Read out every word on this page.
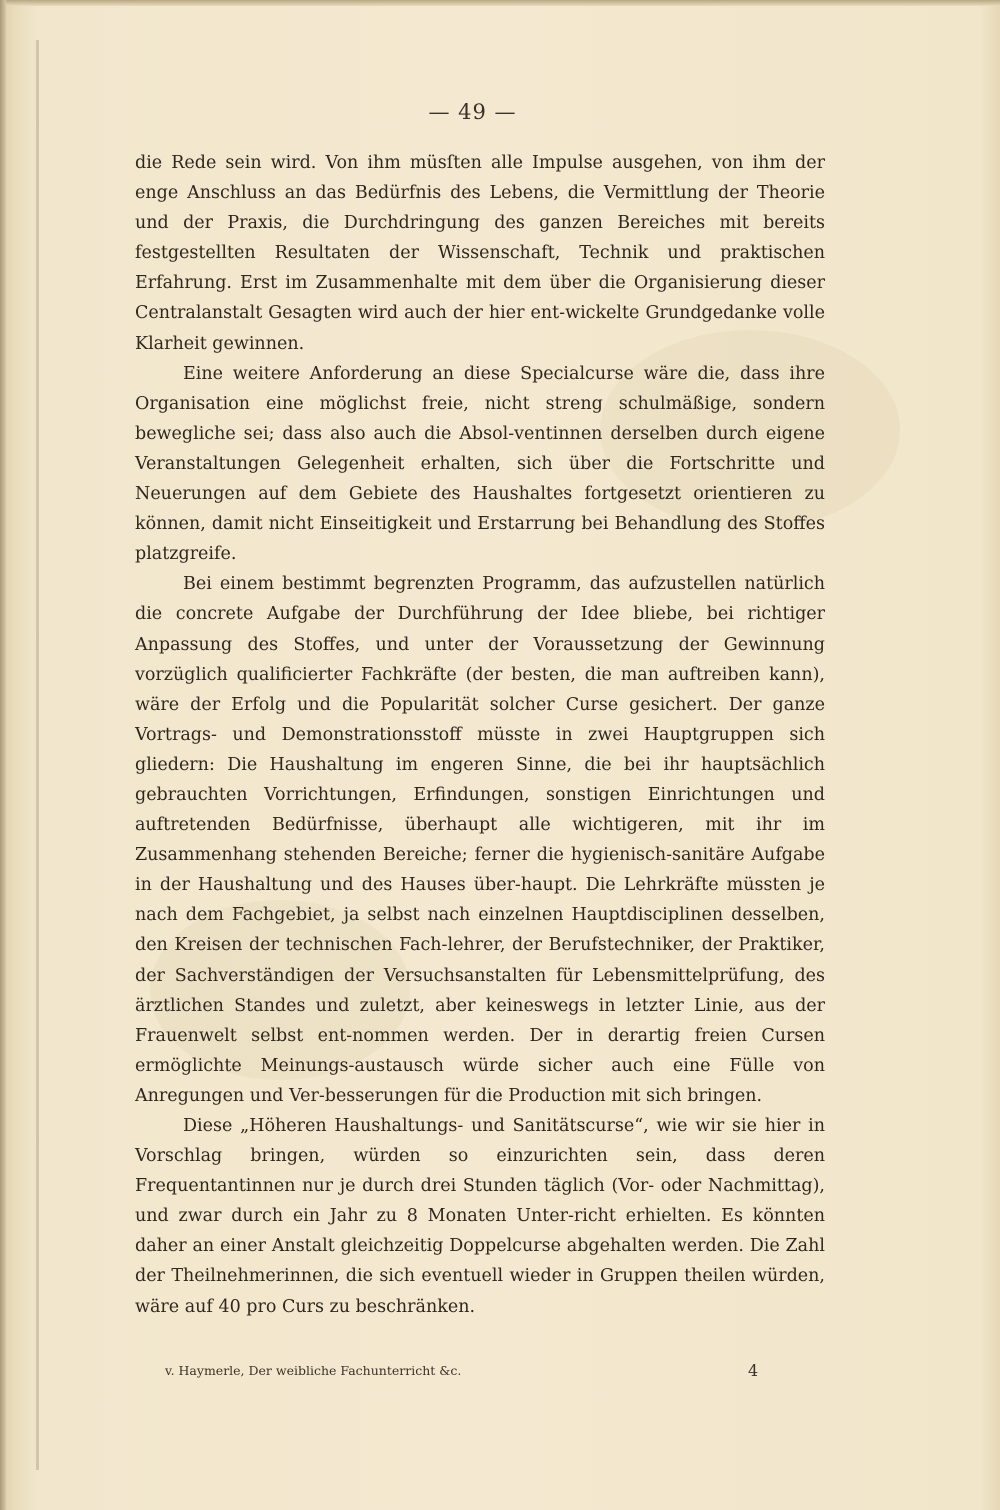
— 49 —

die Rede sein wird. Von ihm müsſten alle Impulse ausgehen, von ihm der enge Anschluss an das Bedürfnis des Lebens, die Vermittlung der Theorie und der Praxis, die Durchdringung des ganzen Bereiches mit bereits festgestellten Resultaten der Wissenschaft, Technik und praktischen Erfahrung. Erst im Zusammenhalte mit dem über die Organisierung dieser Centralanstalt Gesagten wird auch der hier ent‑wickelte Grundgedanke volle Klarheit gewinnen.

Eine weitere Anforderung an diese Specialcurse wäre die, dass ihre Organisation eine möglichst freie, nicht streng schulmäßige, sondern bewegliche sei; dass also auch die Absol‑ventinnen derselben durch eigene Veranstaltungen Gelegenheit erhalten, sich über die Fortschritte und Neuerungen auf dem Gebiete des Haushaltes fortgesetzt orientieren zu können, damit nicht Einseitigkeit und Erstarrung bei Behandlung des Stoffes platzgreife.

Bei einem bestimmt begrenzten Programm, das aufzustellen natürlich die concrete Aufgabe der Durchführung der Idee bliebe, bei richtiger Anpassung des Stoffes, und unter der Voraussetzung der Gewinnung vorzüglich qualificierter Fachkräfte (der besten, die man auftreiben kann), wäre der Erfolg und die Popularität solcher Curse gesichert. Der ganze Vortrags‑ und Demonstrationsstoff müsste in zwei Hauptgruppen sich gliedern: Die Haushaltung im engeren Sinne, die bei ihr hauptsächlich gebrauchten Vorrichtungen, Erfindungen, sonstigen Einrichtungen und auftretenden Bedürfnisse, überhaupt alle wichtigeren, mit ihr im Zusammenhang stehenden Bereiche; ferner die hygienisch‑sanitäre Aufgabe in der Haushaltung und des Hauses über‑haupt. Die Lehrkräfte müssten je nach dem Fachgebiet, ja selbst nach einzelnen Hauptdisciplinen desselben, den Kreisen der technischen Fach‑lehrer, der Berufstechniker, der Praktiker, der Sachverständigen der Versuchsanstalten für Lebensmittelprüfung, des ärztlichen Standes und zuletzt, aber keineswegs in letzter Linie, aus der Frauenwelt selbst ent‑nommen werden. Der in derartig freien Cursen ermöglichte Meinungs‑austausch würde sicher auch eine Fülle von Anregungen und Ver‑besserungen für die Production mit sich bringen.

Diese „Höheren Haushaltungs‑ und Sanitätscurse“, wie wir sie hier in Vorschlag bringen, würden so einzurichten sein, dass deren Frequentantinnen nur je durch drei Stunden täglich (Vor‑ oder Nachmittag), und zwar durch ein Jahr zu 8 Monaten Unter‑richt erhielten. Es könnten daher an einer Anstalt gleichzeitig Doppelcurse abgehalten werden. Die Zahl der Theilnehmerinnen, die sich eventuell wieder in Gruppen theilen würden, wäre auf 40 pro Curs zu beschränken.

v. Haymerle, Der weibliche Fachunterricht &c.	4
